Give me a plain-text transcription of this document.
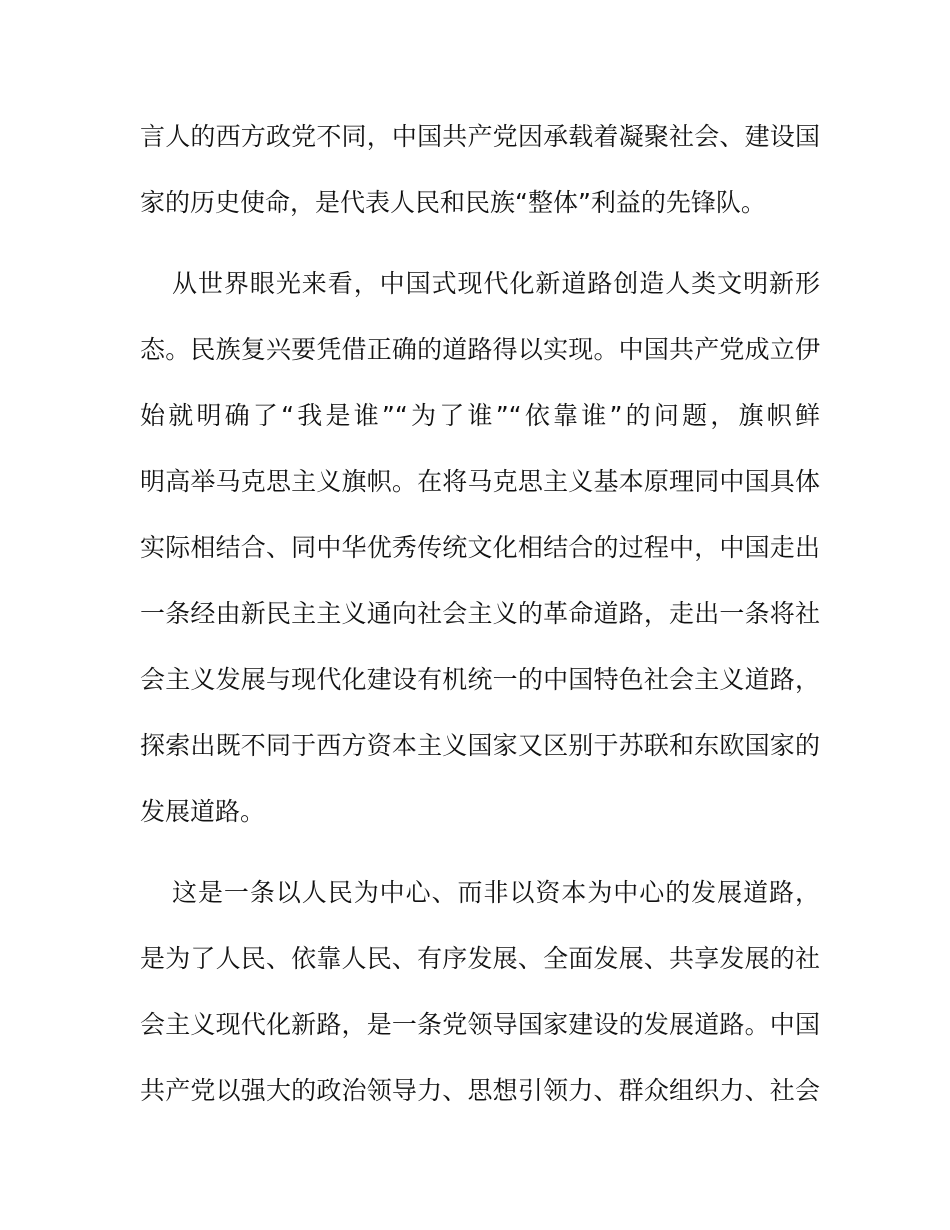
言人的西方政党不同，中国共产党因承载着凝聚社会、建设国
家的历史使命，是代表人民和民族“整体”利益的先锋队。
从世界眼光来看，中国式现代化新道路创造人类文明新形
态。民族复兴要凭借正确的道路得以实现。中国共产党成立伊
始就明确了“我是谁”“为了谁”“依靠谁”的问题，旗帜鲜
明高举马克思主义旗帜。在将马克思主义基本原理同中国具体
实际相结合、同中华优秀传统文化相结合的过程中，中国走出
一条经由新民主主义通向社会主义的革命道路，走出一条将社
会主义发展与现代化建设有机统一的中国特色社会主义道路，
探索出既不同于西方资本主义国家又区别于苏联和东欧国家的
发展道路。
这是一条以人民为中心、而非以资本为中心的发展道路，
是为了人民、依靠人民、有序发展、全面发展、共享发展的社
会主义现代化新路，是一条党领导国家建设的发展道路。中国
共产党以强大的政治领导力、思想引领力、群众组织力、社会
